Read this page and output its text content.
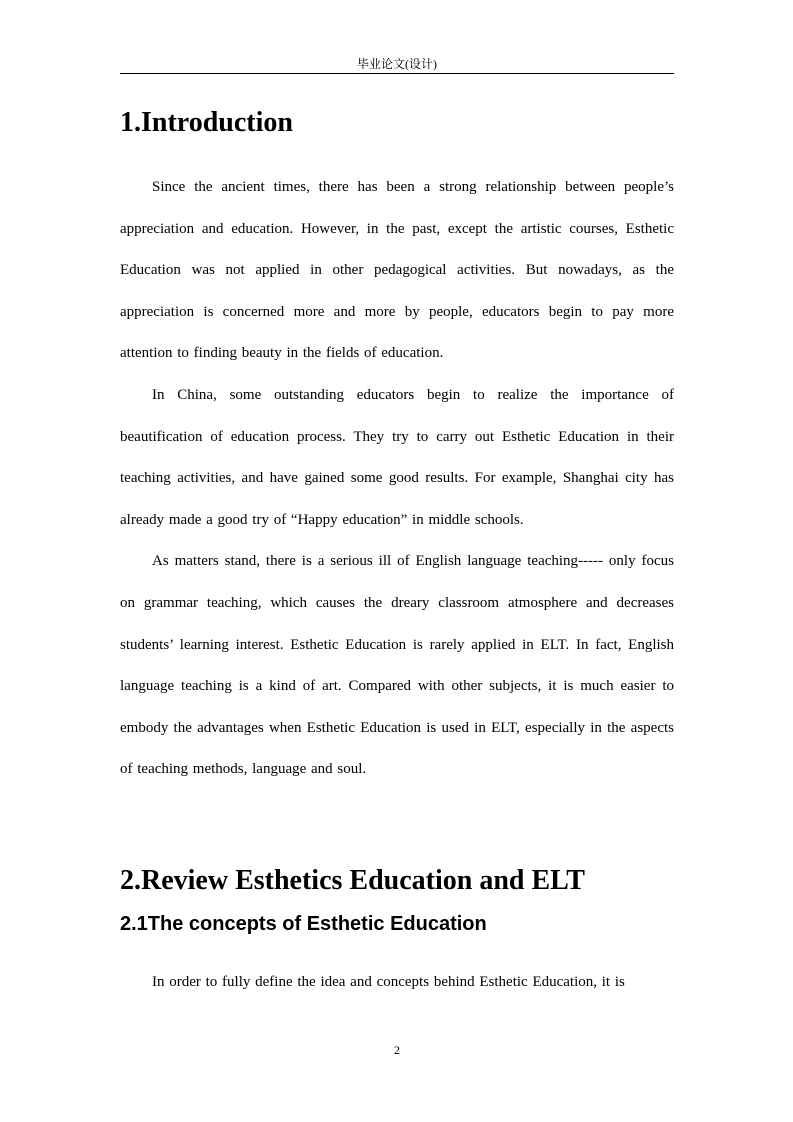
毕业论文(设计)
1.Introduction

Since the ancient times, there has been a strong relationship between people’s appreciation and education. However, in the past, except the artistic courses, Esthetic Education was not applied in other pedagogical activities. But nowadays, as the appreciation is concerned more and more by people, educators begin to pay more attention to finding beauty in the fields of education.

In China, some outstanding educators begin to realize the importance of beautification of education process. They try to carry out Esthetic Education in their teaching activities, and have gained some good results. For example, Shanghai city has already made a good try of “Happy education” in middle schools.

As matters stand, there is a serious ill of English language teaching----- only focus on grammar teaching, which causes the dreary classroom atmosphere and decreases students’ learning interest. Esthetic Education is rarely applied in ELT. In fact, English language teaching is a kind of art. Compared with other subjects, it is much easier to embody the advantages when Esthetic Education is used in ELT, especially in the aspects of teaching methods, language and soul.

2.Review Esthetics Education and ELT
2.1The concepts of Esthetic Education

In order to fully define the idea and concepts behind Esthetic Education, it is

2
